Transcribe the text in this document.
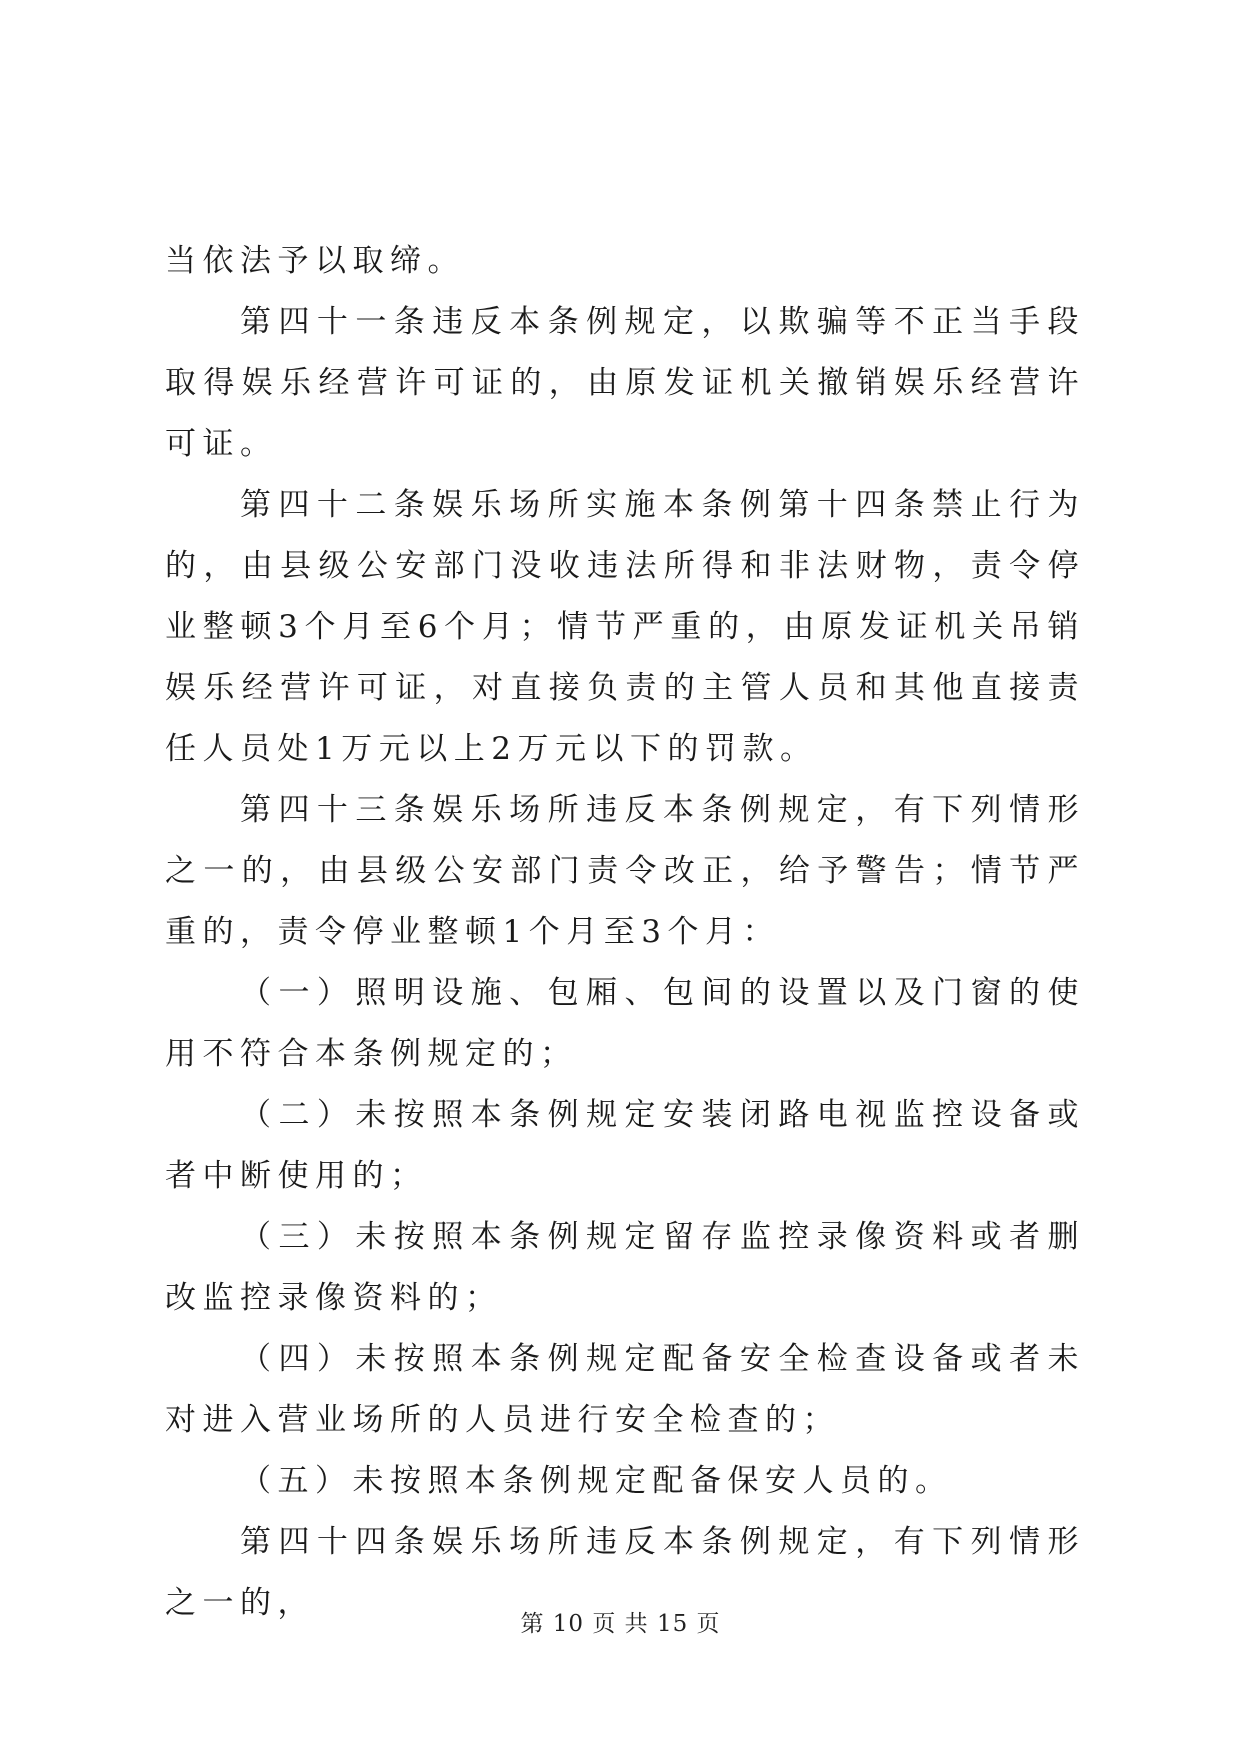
当依法予以取缔。

第四十一条违反本条例规定，以欺骗等不正当手段取得娱乐经营许可证的，由原发证机关撤销娱乐经营许可证。

第四十二条娱乐场所实施本条例第十四条禁止行为的，由县级公安部门没收违法所得和非法财物，责令停业整顿3个月至6个月；情节严重的，由原发证机关吊销娱乐经营许可证，对直接负责的主管人员和其他直接责任人员处1万元以上2万元以下的罚款。

第四十三条娱乐场所违反本条例规定，有下列情形之一的，由县级公安部门责令改正，给予警告；情节严重的，责令停业整顿1个月至3个月：

（一）照明设施、包厢、包间的设置以及门窗的使用不符合本条例规定的；

（二）未按照本条例规定安装闭路电视监控设备或者中断使用的；

（三）未按照本条例规定留存监控录像资料或者删改监控录像资料的；

（四）未按照本条例规定配备安全检查设备或者未对进入营业场所的人员进行安全检查的；

（五）未按照本条例规定配备保安人员的。

第四十四条娱乐场所违反本条例规定，有下列情形之一的，

第 10 页 共 15 页
